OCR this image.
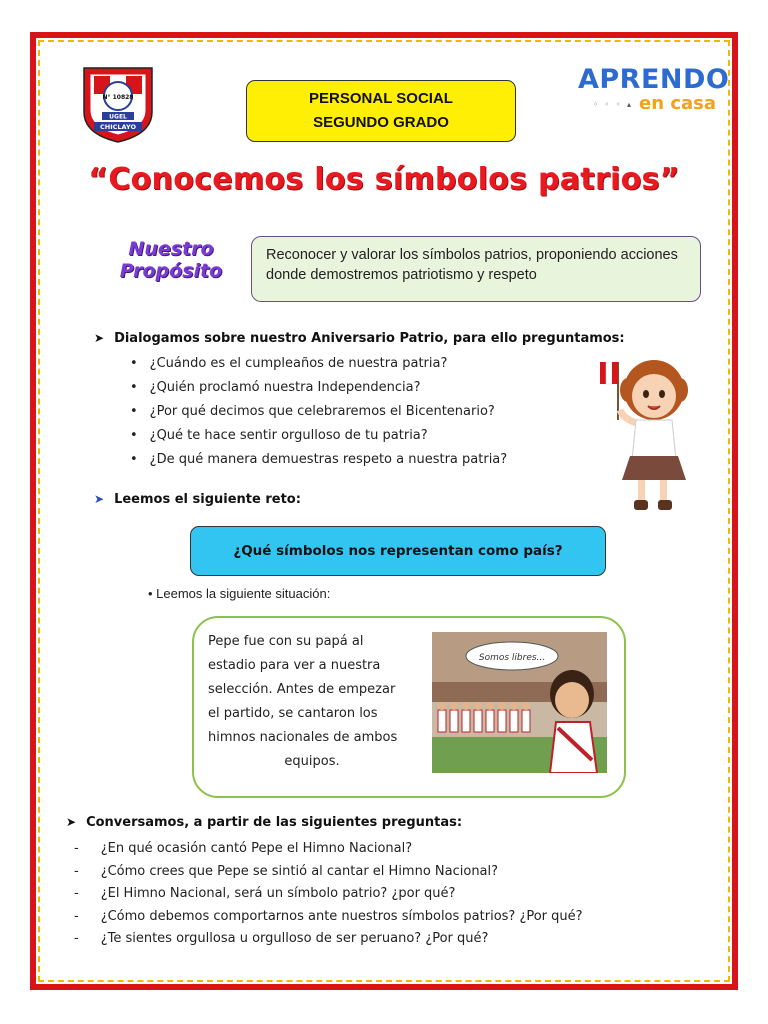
N° 10828
UGEL
CHICLAYO
PERSONAL SOCIAL
SEGUNDO GRADO
APRENDO
◦ ◦ ◦ ▴ en casa
“Conocemos los símbolos patrios”
Nuestro
Propósito
Reconocer y valorar los símbolos patrios, proponiendo acciones donde demostremos patriotismo y respeto
➤ Dialogamos sobre nuestro Aniversario Patrio, para ello preguntamos:
• ¿Cuándo es el cumpleaños de nuestra patria?
• ¿Quién proclamó nuestra Independencia?
• ¿Por qué decimos que celebraremos el Bicentenario?
• ¿Qué te hace sentir orgulloso de tu patria?
• ¿De qué manera demuestras respeto a nuestra patria?
➤ Leemos el siguiente reto:
¿Qué símbolos nos representan como país?
• Leemos la siguiente situación:
Pepe fue con su papá al
estadio para ver a nuestra
selección. Antes de empezar
el partido, se cantaron los
himnos nacionales de ambos
equipos.
Somos libres...
➤ Conversamos, a partir de las siguientes preguntas:
- ¿En qué ocasión cantó Pepe el Himno Nacional?
- ¿Cómo crees que Pepe se sintió al cantar el Himno Nacional?
- ¿El Himno Nacional, será un símbolo patrio? ¿por qué?
- ¿Cómo debemos comportarnos ante nuestros símbolos patrios? ¿Por qué?
- ¿Te sientes orgullosa u orgulloso de ser peruano? ¿Por qué?
